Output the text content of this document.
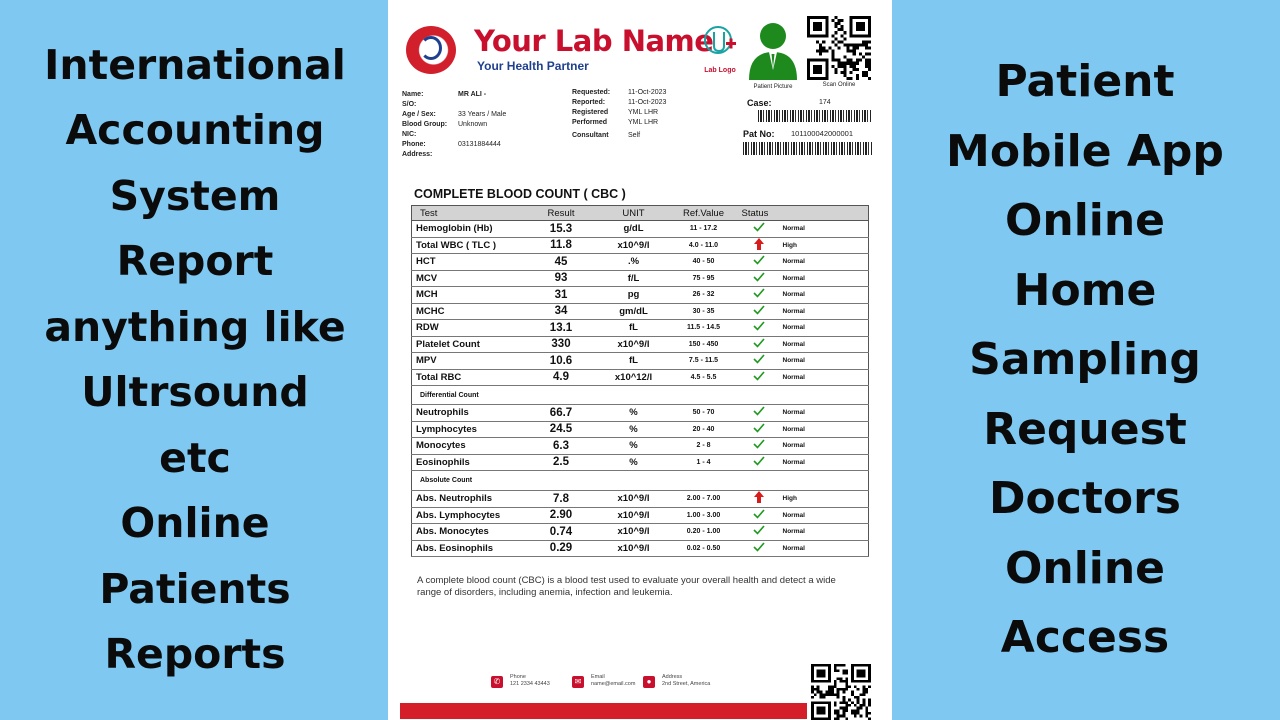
International
Accounting
System
Report
anything like
Ultrsound
etc
Online
Patients
Reports
Patient
Mobile App
Online
Home
Sampling
Request
Doctors
Online
Access
Your Lab Name
Your Health Partner	Lab Logo
Patient Picture	Scan Online
Name:	MR ALI -
S/O:
Age / Sex:	33 Years / Male
Blood Group: Unknown
NIC:
Phone:	03131884444
Address:
Requested:	11-Oct-2023
Reported:	11-Oct-2023
Registered	YML LHR
Performed	YML LHR
Consultant	Self
Case:	174
Pat No: 101100042000001
COMPLETE BLOOD COUNT ( CBC )
Test	Result	UNIT	Ref.Value	Status	
Hemoglobin (Hb)	15.3	g/dL	11 - 17.2		Normal
Total WBC ( TLC )	11.8	x10^9/l	4.0 - 11.0		High
HCT	45	.%	40 - 50		Normal
MCV	93	f/L	75 - 95		Normal
MCH	31	pg	26 - 32		Normal
MCHC	34	gm/dL	30 - 35		Normal
RDW	13.1	fL	11.5 - 14.5		Normal
Platelet Count	330	x10^9/l	150 - 450		Normal
MPV	10.6	fL	7.5 - 11.5		Normal
Total RBC	4.9	x10^12/l	4.5 - 5.5		Normal
Differential Count					
Neutrophils	66.7	%	50 - 70		Normal
Lymphocytes	24.5	%	20 - 40		Normal
Monocytes	6.3	%	2 - 8		Normal
Eosinophils	2.5	%	1 - 4		Normal
Absolute Count					
Abs. Neutrophils	7.8	x10^9/l	2.00 - 7.00		High
Abs. Lymphocytes	2.90	x10^9/l	1.00 - 3.00		Normal
Abs. Monocytes	0.74	x10^9/l	0.20 - 1.00		Normal
Abs. Eosinophils	0.29	x10^9/l	0.02 - 0.50		Normal
A complete blood count (CBC) is a blood test used to evaluate your overall health and detect a wide range of disorders, including anemia, infection and leukemia.
✆	Phone
121 2334 43443	✉	Email
name@email.com	●	Address
2nd Street, America
